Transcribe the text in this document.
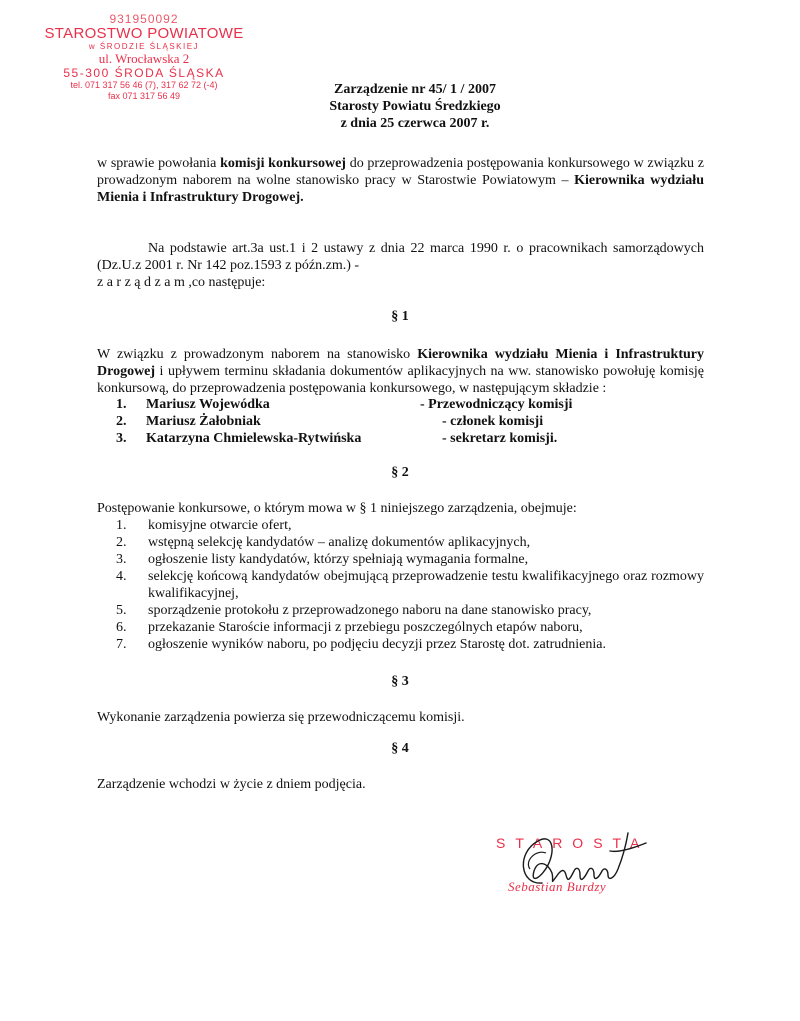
931950092
STAROSTWO POWIATOWE
w ŚRODZIE ŚLĄSKIEJ
ul. Wrocławska 2
55-300 ŚRODA ŚLĄSKA
tel. 071 317 56 46 (7), 317 62 72 (-4)
fax 071 317 56 49	Zarządzenie nr 45/ 1 / 2007
Starosty Powiatu Średzkiego
z dnia 25 czerwca 2007 r.
w sprawie powołania komisji konkursowej do przeprowadzenia postępowania konkursowego w związku z prowadzonym naborem na wolne stanowisko pracy w Starostwie Powiatowym – Kierownika wydziału Mienia i Infrastruktury Drogowej.
Na podstawie art.3a ust.1 i 2 ustawy z dnia 22 marca 1990 r. o pracownikach samorządowych (Dz.U.z 2001 r. Nr 142 poz.1593 z późn.zm.) -
z a r z ą d z a m ,co następuje:
§ 1
W związku z prowadzonym naborem na stanowisko Kierownika wydziału Mienia i Infrastruktury Drogowej i upływem terminu składania dokumentów aplikacyjnych na ww. stanowisko powołuję komisję konkursową, do przeprowadzenia postępowania konkursowego, w następującym składzie :
1. Mariusz Wojewódka	- Przewodniczący komisji
2. Mariusz Żałobniak	- członek komisji
3. Katarzyna Chmielewska-Rytwińska	- sekretarz komisji.
§ 2
Postępowanie konkursowe, o którym mowa w § 1 niniejszego zarządzenia, obejmuje:
1. komisyjne otwarcie ofert,
2. wstępną selekcję kandydatów – analizę dokumentów aplikacyjnych,
3. ogłoszenie listy kandydatów, którzy spełniają wymagania formalne,
4. selekcję końcową kandydatów obejmującą przeprowadzenie testu kwalifikacyjnego oraz rozmowy kwalifikacyjnej,
5. sporządzenie protokołu z przeprowadzonego naboru na dane stanowisko pracy,
6. przekazanie Staroście informacji z przebiegu poszczególnych etapów naboru,
7. ogłoszenie wyników naboru, po podjęciu decyzji przez Starostę dot. zatrudnienia.
§ 3
Wykonanie zarządzenia powierza się przewodniczącemu komisji.
§ 4
Zarządzenie wchodzi w życie z dniem podjęcia.
STAROSTA
Sebastian Burdzy
